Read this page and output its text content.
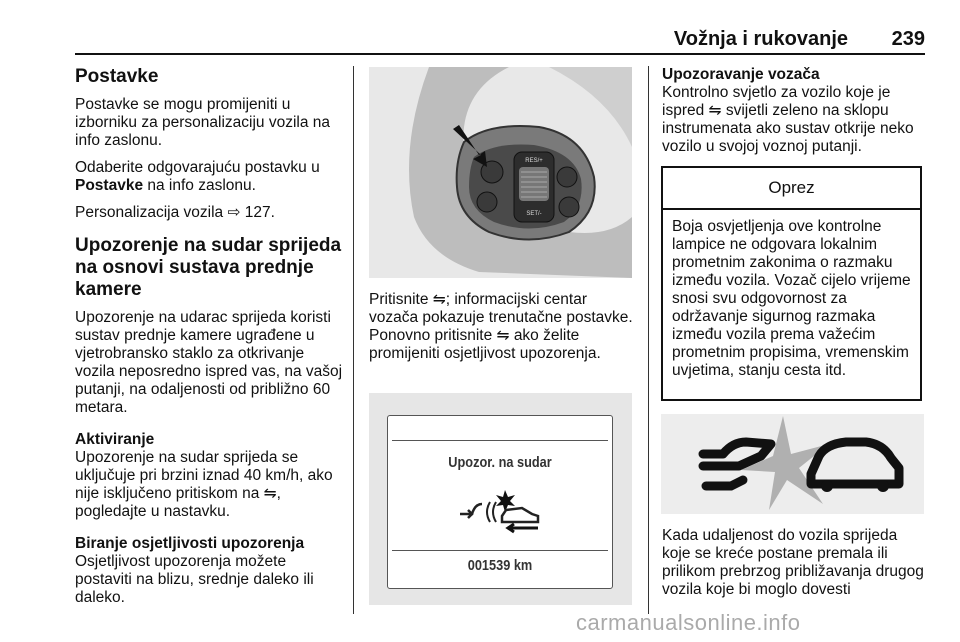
Vožnja i rukovanje	239
Postavke

Postavke se mogu promijeniti u izborniku za personalizaciju vozila na info zaslonu.

Odaberite odgovarajuću postavku u Postavke na info zaslonu.

Personalizacija vozila ⇨ 127.

Upozorenje na sudar sprijeda na osnovi sustava prednje kamere

Upozorenje na udarac sprijeda koristi sustav prednje kamere ugrađene u vjetrobransko staklo za otkrivanje vozila neposredno ispred vas, na vašoj putanji, na odaljenosti od približno 60 metara.

Aktiviranje

Upozorenje na sudar sprijeda se uključuje pri brzini iznad 40 km/h, ako nije isključeno pritiskom na ⇋, pogledajte u nastavku.

Biranje osjetljivosti upozorenja

Osjetljivost upozorenja možete postaviti na blizu, srednje daleko ili daleko.

RES/+
SET/-

Pritisnite ⇋; informacijski centar vozača pokazuje trenutačne postavke. Ponovno pritisnite ⇋ ako želite promijeniti osjetljivost upozorenja.

Upozor. na sudar
001539 km
Upozoravanje vozača

Kontrolno svjetlo za vozilo koje je ispred ⇋ svijetli zeleno na sklopu instrumenata ako sustav otkrije neko vozilo u svojoj voznoj putanji.

Oprez
Boja osvjetljenja ove kontrolne lampice ne odgovara lokalnim prometnim zakonima o razmaku između vozila. Vozač cijelo vrijeme snosi svu odgovornost za održavanje sigurnog razmaka između vozila prema važećim prometnim propisima, vremenskim uvjetima, stanju cesta itd.

Kada udaljenost do vozila sprijeda koje se kreće postane premala ili prilikom prebrzog približavanja drugog vozila koje bi moglo dovesti

carmanualsonline.info
